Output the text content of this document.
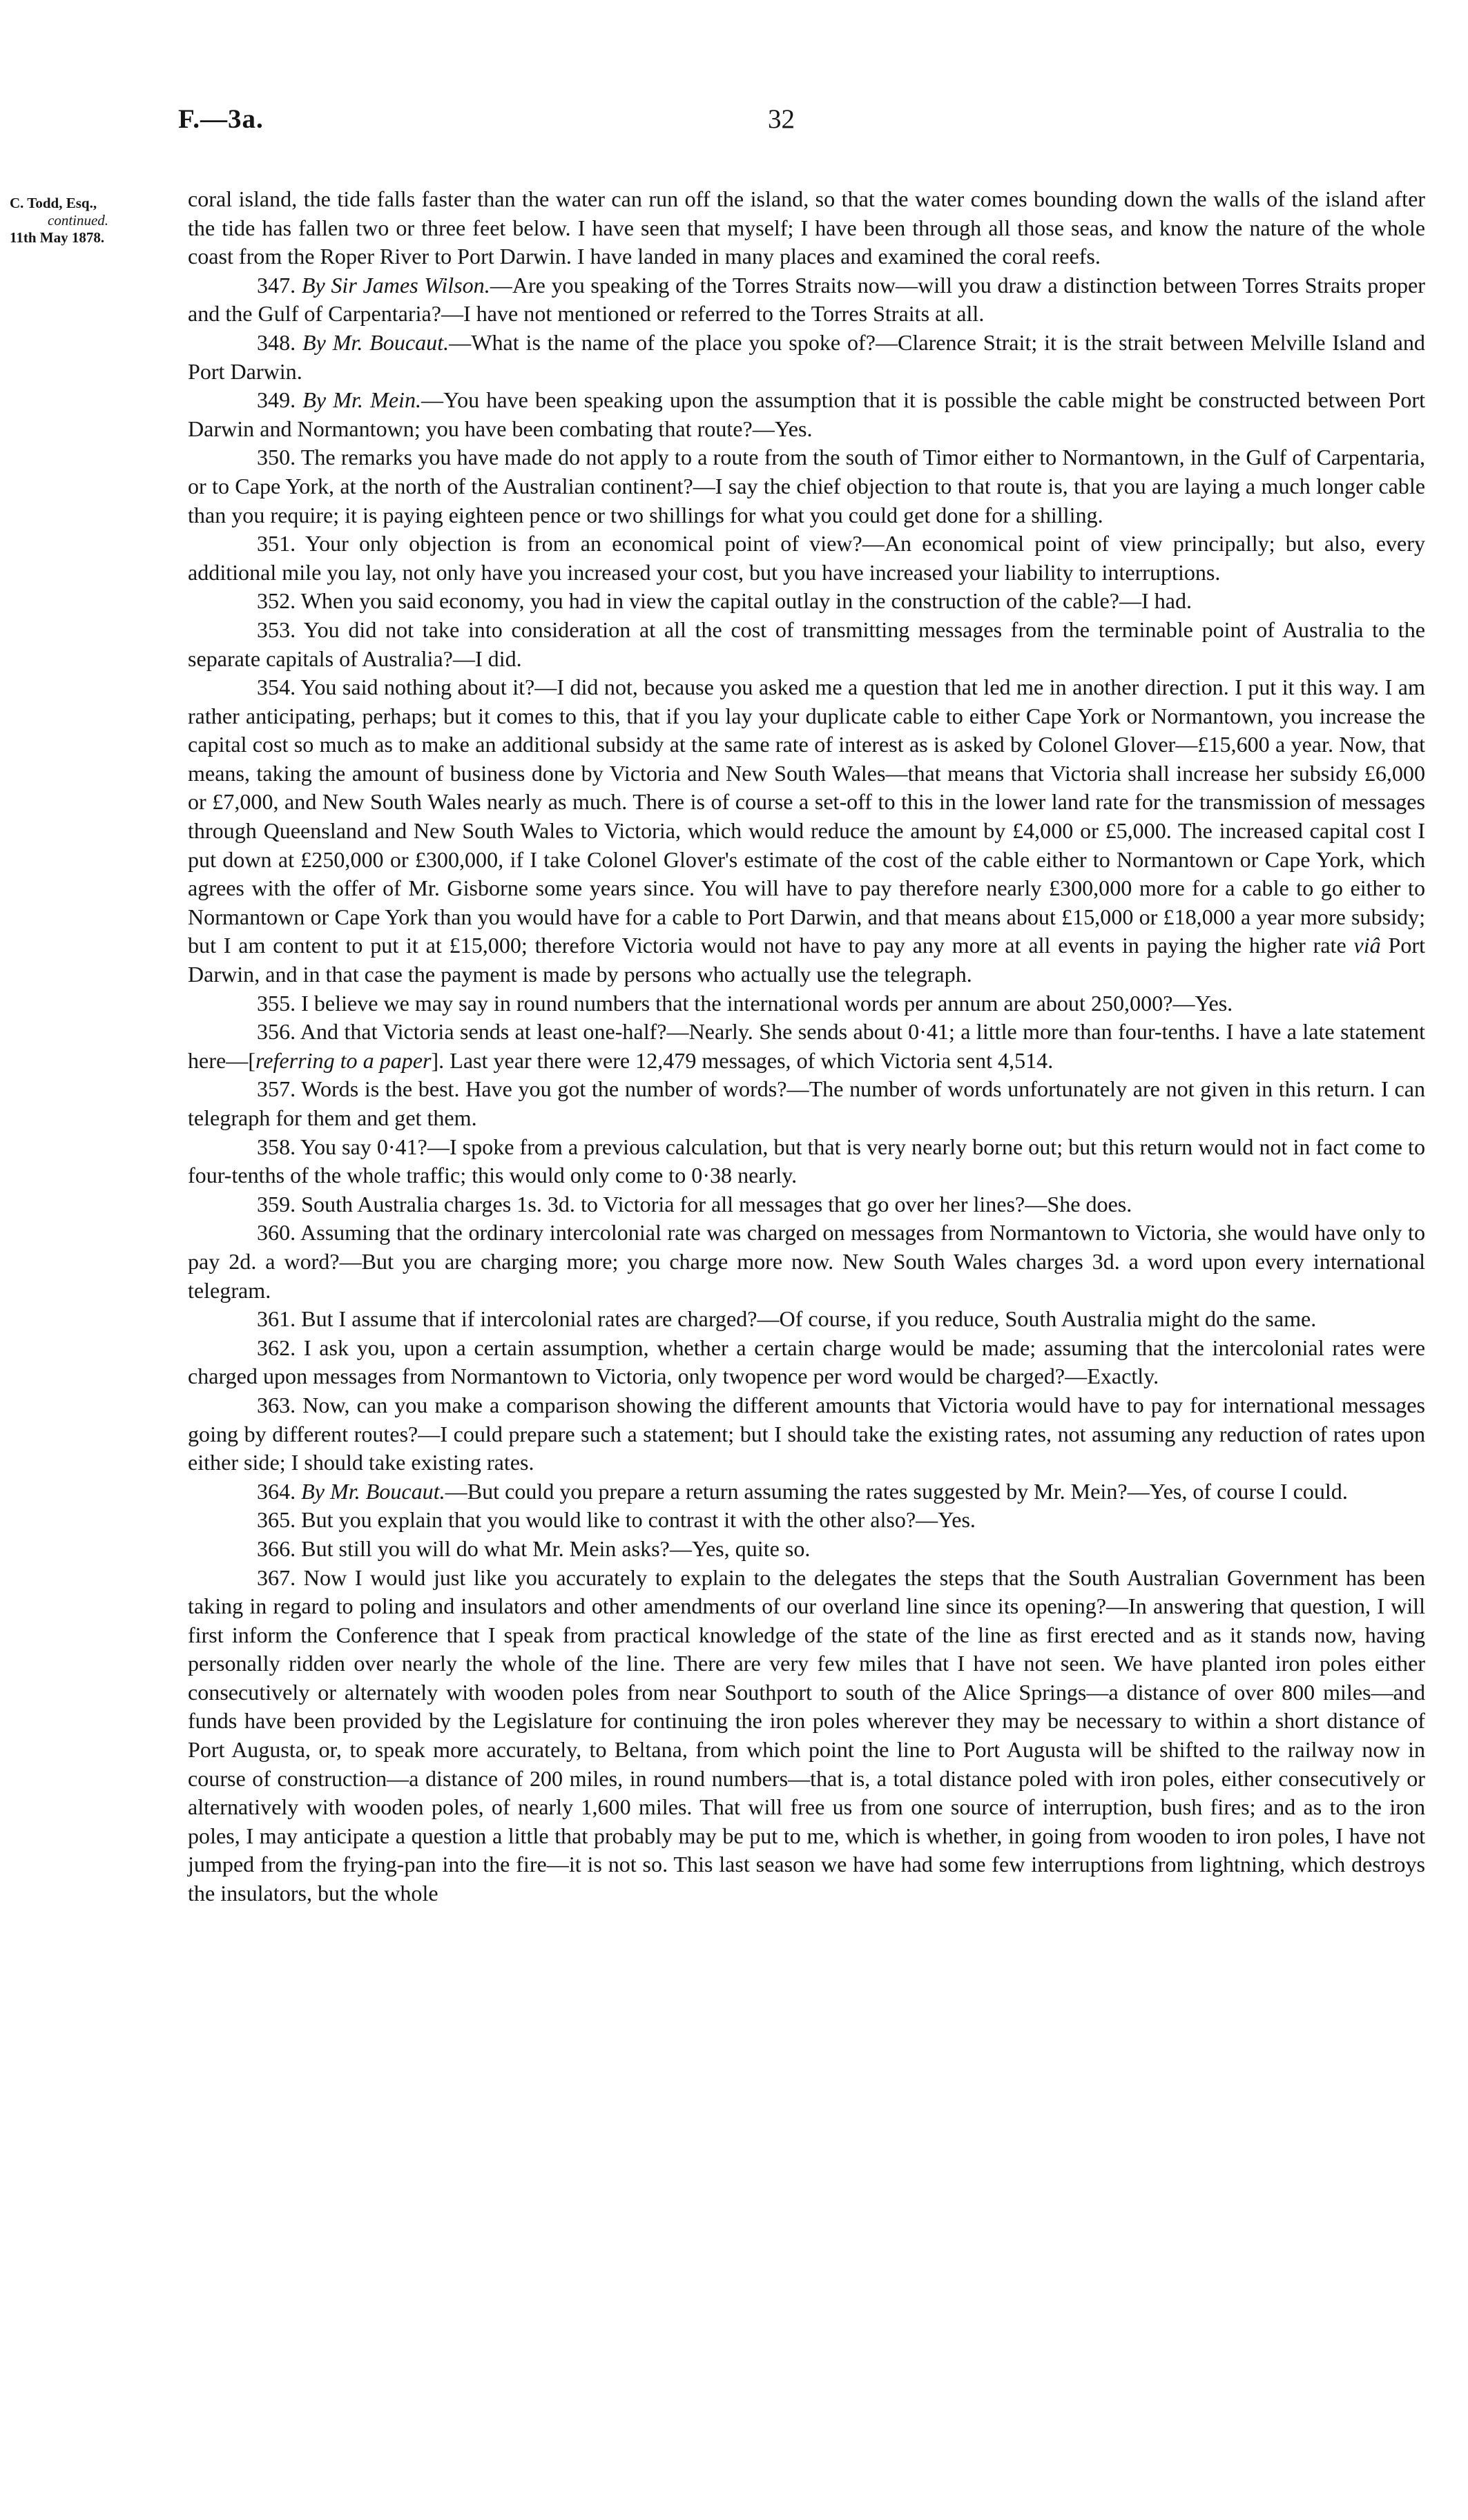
F.—3a.	32
C. Todd, Esq.,
continued.
11th May 1878.

coral island, the tide falls faster than the water can run off the island, so that the water comes bounding down the walls of the island after the tide has fallen two or three feet below. I have seen that myself; I have been through all those seas, and know the nature of the whole coast from the Roper River to Port Darwin. I have landed in many places and examined the coral reefs.

347. By Sir James Wilson.—Are you speaking of the Torres Straits now—will you draw a distinction between Torres Straits proper and the Gulf of Carpentaria?—I have not mentioned or referred to the Torres Straits at all.

348. By Mr. Boucaut.—What is the name of the place you spoke of?—Clarence Strait; it is the strait between Melville Island and Port Darwin.

349. By Mr. Mein.—You have been speaking upon the assumption that it is possible the cable might be constructed between Port Darwin and Normantown; you have been combating that route?—Yes.

350. The remarks you have made do not apply to a route from the south of Timor either to Normantown, in the Gulf of Carpentaria, or to Cape York, at the north of the Australian continent?—I say the chief objection to that route is, that you are laying a much longer cable than you require; it is paying eighteen pence or two shillings for what you could get done for a shilling.

351. Your only objection is from an economical point of view?—An economical point of view principally; but also, every additional mile you lay, not only have you increased your cost, but you have increased your liability to interruptions.

352. When you said economy, you had in view the capital outlay in the construction of the cable?—I had.

353. You did not take into consideration at all the cost of transmitting messages from the terminable point of Australia to the separate capitals of Australia?—I did.

354. You said nothing about it?—I did not, because you asked me a question that led me in another direction. I put it this way. I am rather anticipating, perhaps; but it comes to this, that if you lay your duplicate cable to either Cape York or Normantown, you increase the capital cost so much as to make an additional subsidy at the same rate of interest as is asked by Colonel Glover—£15,600 a year. Now, that means, taking the amount of business done by Victoria and New South Wales—that means that Victoria shall increase her subsidy £6,000 or £7,000, and New South Wales nearly as much. There is of course a set-off to this in the lower land rate for the transmission of messages through Queensland and New South Wales to Victoria, which would reduce the amount by £4,000 or £5,000. The increased capital cost I put down at £250,000 or £300,000, if I take Colonel Glover's estimate of the cost of the cable either to Normantown or Cape York, which agrees with the offer of Mr. Gisborne some years since. You will have to pay therefore nearly £300,000 more for a cable to go either to Normantown or Cape York than you would have for a cable to Port Darwin, and that means about £15,000 or £18,000 a year more subsidy; but I am content to put it at £15,000; therefore Victoria would not have to pay any more at all events in paying the higher rate viâ Port Darwin, and in that case the payment is made by persons who actually use the telegraph.

355. I believe we may say in round numbers that the international words per annum are about 250,000?—Yes.

356. And that Victoria sends at least one-half?—Nearly. She sends about 0·41; a little more than four-tenths. I have a late statement here—[referring to a paper]. Last year there were 12,479 messages, of which Victoria sent 4,514.

357. Words is the best. Have you got the number of words?—The number of words unfortunately are not given in this return. I can telegraph for them and get them.

358. You say 0·41?—I spoke from a previous calculation, but that is very nearly borne out; but this return would not in fact come to four-tenths of the whole traffic; this would only come to 0·38 nearly.

359. South Australia charges 1s. 3d. to Victoria for all messages that go over her lines?—She does.

360. Assuming that the ordinary intercolonial rate was charged on messages from Normantown to Victoria, she would have only to pay 2d. a word?—But you are charging more; you charge more now. New South Wales charges 3d. a word upon every international telegram.

361. But I assume that if intercolonial rates are charged?—Of course, if you reduce, South Australia might do the same.

362. I ask you, upon a certain assumption, whether a certain charge would be made; assuming that the intercolonial rates were charged upon messages from Normantown to Victoria, only twopence per word would be charged?—Exactly.

363. Now, can you make a comparison showing the different amounts that Victoria would have to pay for international messages going by different routes?—I could prepare such a statement; but I should take the existing rates, not assuming any reduction of rates upon either side; I should take existing rates.

364. By Mr. Boucaut.—But could you prepare a return assuming the rates suggested by Mr. Mein?—Yes, of course I could.

365. But you explain that you would like to contrast it with the other also?—Yes.

366. But still you will do what Mr. Mein asks?—Yes, quite so.

367. Now I would just like you accurately to explain to the delegates the steps that the South Australian Government has been taking in regard to poling and insulators and other amendments of our overland line since its opening?—In answering that question, I will first inform the Conference that I speak from practical knowledge of the state of the line as first erected and as it stands now, having personally ridden over nearly the whole of the line. There are very few miles that I have not seen. We have planted iron poles either consecutively or alternately with wooden poles from near Southport to south of the Alice Springs—a distance of over 800 miles—and funds have been provided by the Legislature for continuing the iron poles wherever they may be necessary to within a short distance of Port Augusta, or, to speak more accurately, to Beltana, from which point the line to Port Augusta will be shifted to the railway now in course of construction—a distance of 200 miles, in round numbers—that is, a total distance poled with iron poles, either consecutively or alternatively with wooden poles, of nearly 1,600 miles. That will free us from one source of interruption, bush fires; and as to the iron poles, I may anticipate a question a little that probably may be put to me, which is whether, in going from wooden to iron poles, I have not jumped from the frying-pan into the fire—it is not so. This last season we have had some few interruptions from lightning, which destroys the insulators, but the whole
